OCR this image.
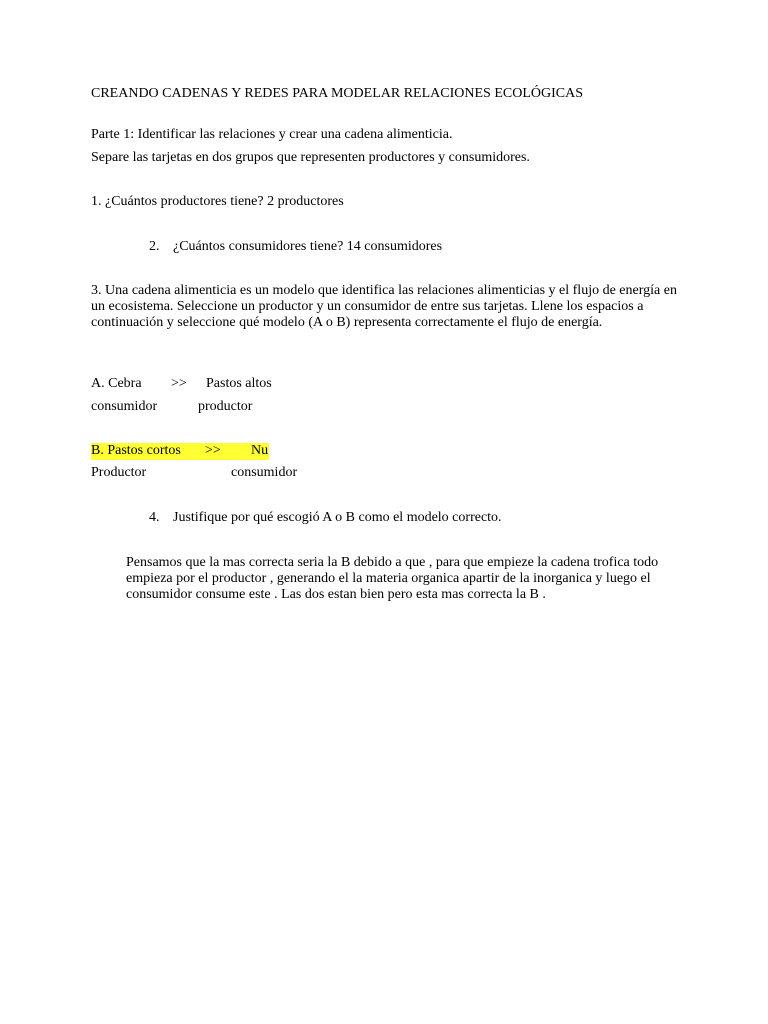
CREANDO CADENAS Y REDES PARA MODELAR RELACIONES ECOLÓGICAS
Parte 1: Identificar las relaciones y crear una cadena alimenticia.
Separe las tarjetas en dos grupos que representen productores y consumidores.
1. ¿Cuántos productores tiene? 2 productores
2. ¿Cuántos consumidores tiene? 14 consumidores
3. Una cadena alimenticia es un modelo que identifica las relaciones alimenticias y el flujo de energía en un ecosistema. Seleccione un productor y un consumidor de entre sus tarjetas. Llene los espacios a continuación y seleccione qué modelo (A o B) representa correctamente el flujo de energía.
A. Cebra >> Pastos altos
consumidor	productor
B. Pastos cortos >> Nu
Productor	consumidor
4. Justifique por qué escogió A o B como el modelo correcto.
Pensamos que la mas correcta seria la B debido a que , para que empieze la cadena trofica todo empieza por el productor , generando el la materia organica apartir de la inorganica y luego el consumidor consume este . Las dos estan bien pero esta mas correcta la B .
